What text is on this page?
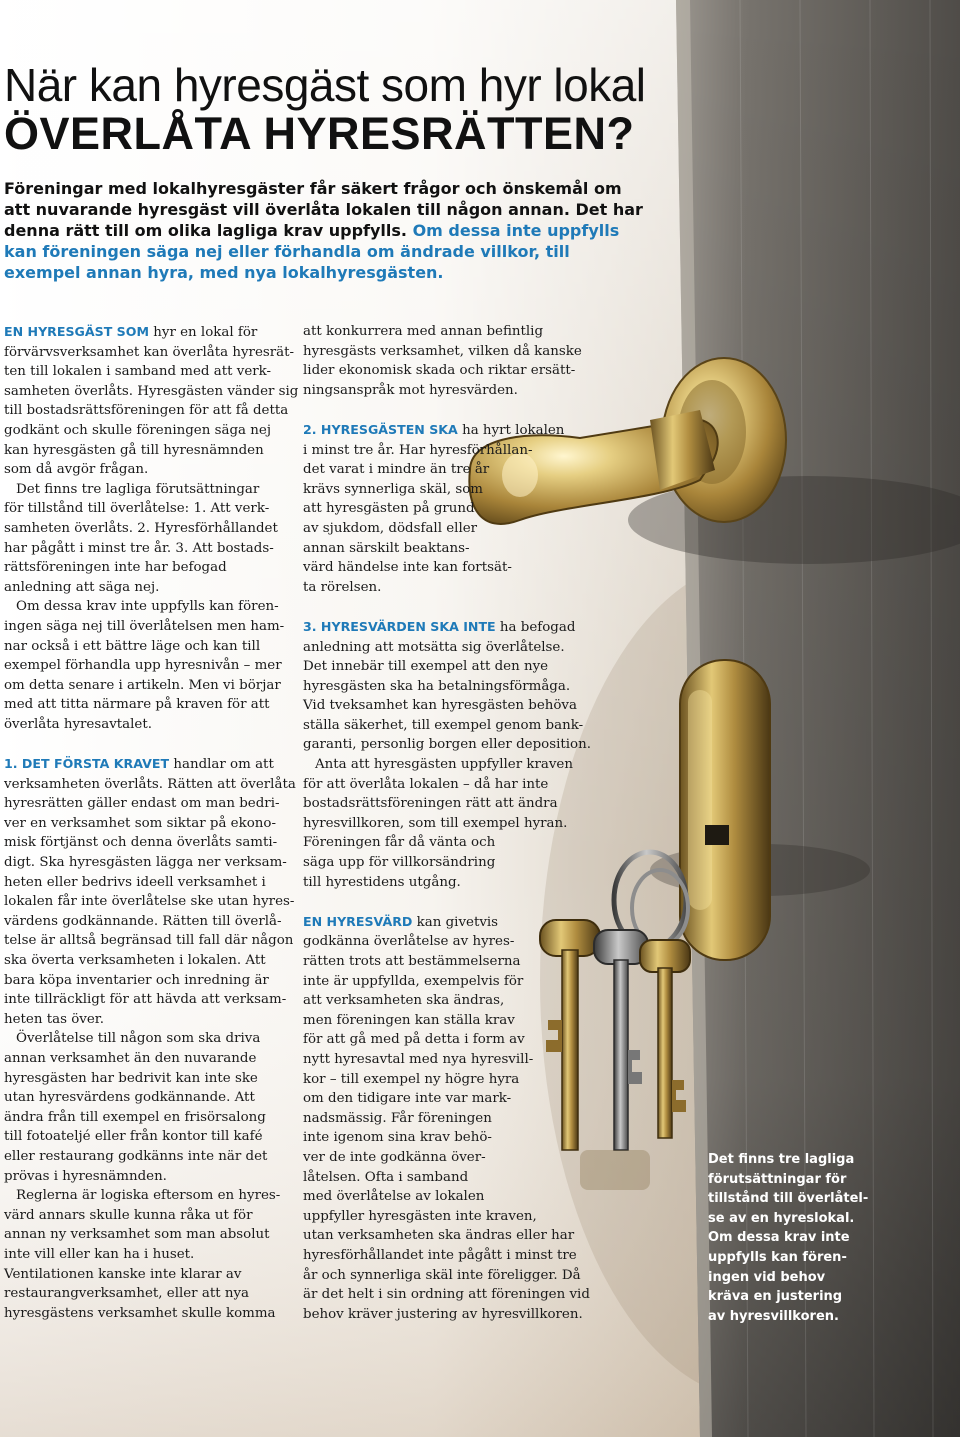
När kan hyresgäst som hyr lokal
ÖVERLÅTA HYRESRÄTTEN?

Föreningar med lokalhyresgäster får säkert frågor och önskemål om
att nuvarande hyresgäst vill överlåta lokalen till någon annan. Det har
denna rätt till om olika lagliga krav uppfylls. Om dessa inte uppfylls
kan föreningen säga nej eller förhandla om ändrade villkor, till
exempel annan hyra, med nya lokalhyresgästen.

EN HYRESGÄST SOM hyr en lokal för
förvärvsverksamhet kan överlåta hyresrät-
ten till lokalen i samband med att verk-
samheten överlåts. Hyresgästen vänder sig
till bostadsrättsföreningen för att få detta
godkänt och skulle föreningen säga nej
kan hyresgästen gå till hyresnämnden
som då avgör frågan.
Det finns tre lagliga förutsättningar
för tillstånd till överlåtelse: 1. Att verk-
samheten överlåts. 2. Hyresförhållandet
har pågått i minst tre år. 3. Att bostads-
rättsföreningen inte har befogad
anledning att säga nej.
Om dessa krav inte uppfylls kan fören-
ingen säga nej till överlåtelsen men ham-
nar också i ett bättre läge och kan till
exempel förhandla upp hyresnivån – mer
om detta senare i artikeln. Men vi börjar
med att titta närmare på kraven för att
överlåta hyresavtalet.
1. DET FÖRSTA KRAVET handlar om att
verksamheten överlåts. Rätten att överlåta
hyresrätten gäller endast om man bedri-
ver en verksamhet som siktar på ekono-
misk förtjänst och denna överlåts samti-
digt. Ska hyresgästen lägga ner verksam-
heten eller bedrivs ideell verksamhet i
lokalen får inte överlåtelse ske utan hyres-
värdens godkännande. Rätten till överlå-
telse är alltså begränsad till fall där någon
ska överta verksamheten i lokalen. Att
bara köpa inventarier och inredning är
inte tillräckligt för att hävda att verksam-
heten tas över.
Överlåtelse till någon som ska driva
annan verksamhet än den nuvarande
hyresgästen har bedrivit kan inte ske
utan hyresvärdens godkännande. Att
ändra från till exempel en frisörsalong
till fotoateljé eller från kontor till kafé
eller restaurang godkänns inte när det
prövas i hyresnämnden.
Reglerna är logiska eftersom en hyres-
värd annars skulle kunna råka ut för
annan ny verksamhet som man absolut
inte vill eller kan ha i huset.
Ventilationen kanske inte klarar av
restaurangverksamhet, eller att nya
hyresgästens verksamhet skulle komma
att konkurrera med annan befintlig
hyresgästs verksamhet, vilken då kanske
lider ekonomisk skada och riktar ersätt-
ningsanspråk mot hyresvärden.
2. HYRESGÄSTEN SKA ha hyrt lokalen
i minst tre år. Har hyresförhållan-
det varat i mindre än tre år
krävs synnerliga skäl, som
att hyresgästen på grund
av sjukdom, dödsfall eller
annan särskilt beaktans-
värd händelse inte kan fortsät-
ta rörelsen.
3. HYRESVÄRDEN SKA INTE ha befogad
anledning att motsätta sig överlåtelse.
Det innebär till exempel att den nye
hyresgästen ska ha betalningsförmåga.
Vid tveksamhet kan hyresgästen behöva
ställa säkerhet, till exempel genom bank-
garanti, personlig borgen eller deposition.
Anta att hyresgästen uppfyller kraven
för att överlåta lokalen – då har inte
bostadsrättsföreningen rätt att ändra
hyresvillkoren, som till exempel hyran.
Föreningen får då vänta och
säga upp för villkorsändring
till hyrestidens utgång.
EN HYRESVÄRD kan givetvis
godkänna överlåtelse av hyres-
rätten trots att bestämmelserna
inte är uppfyllda, exempelvis för
att verksamheten ska ändras,
men föreningen kan ställa krav
för att gå med på detta i form av
nytt hyresavtal med nya hyresvill-
kor – till exempel ny högre hyra
om den tidigare inte var mark-
nadsmässig. Får föreningen
inte igenom sina krav behö-
ver de inte godkänna över-
låtelsen. Ofta i samband
med överlåtelse av lokalen
uppfyller hyresgästen inte kraven,
utan verksamheten ska ändras eller har
hyresförhållandet inte pågått i minst tre
år och synnerliga skäl inte föreligger. Då
är det helt i sin ordning att föreningen vid
behov kräver justering av hyresvillkoren.

Det finns tre lagliga
förutsättningar för
tillstånd till överlåtel-
se av en hyreslokal.
Om dessa krav inte
uppfylls kan fören-
ingen vid behov
kräva en justering
av hyresvillkoren.
